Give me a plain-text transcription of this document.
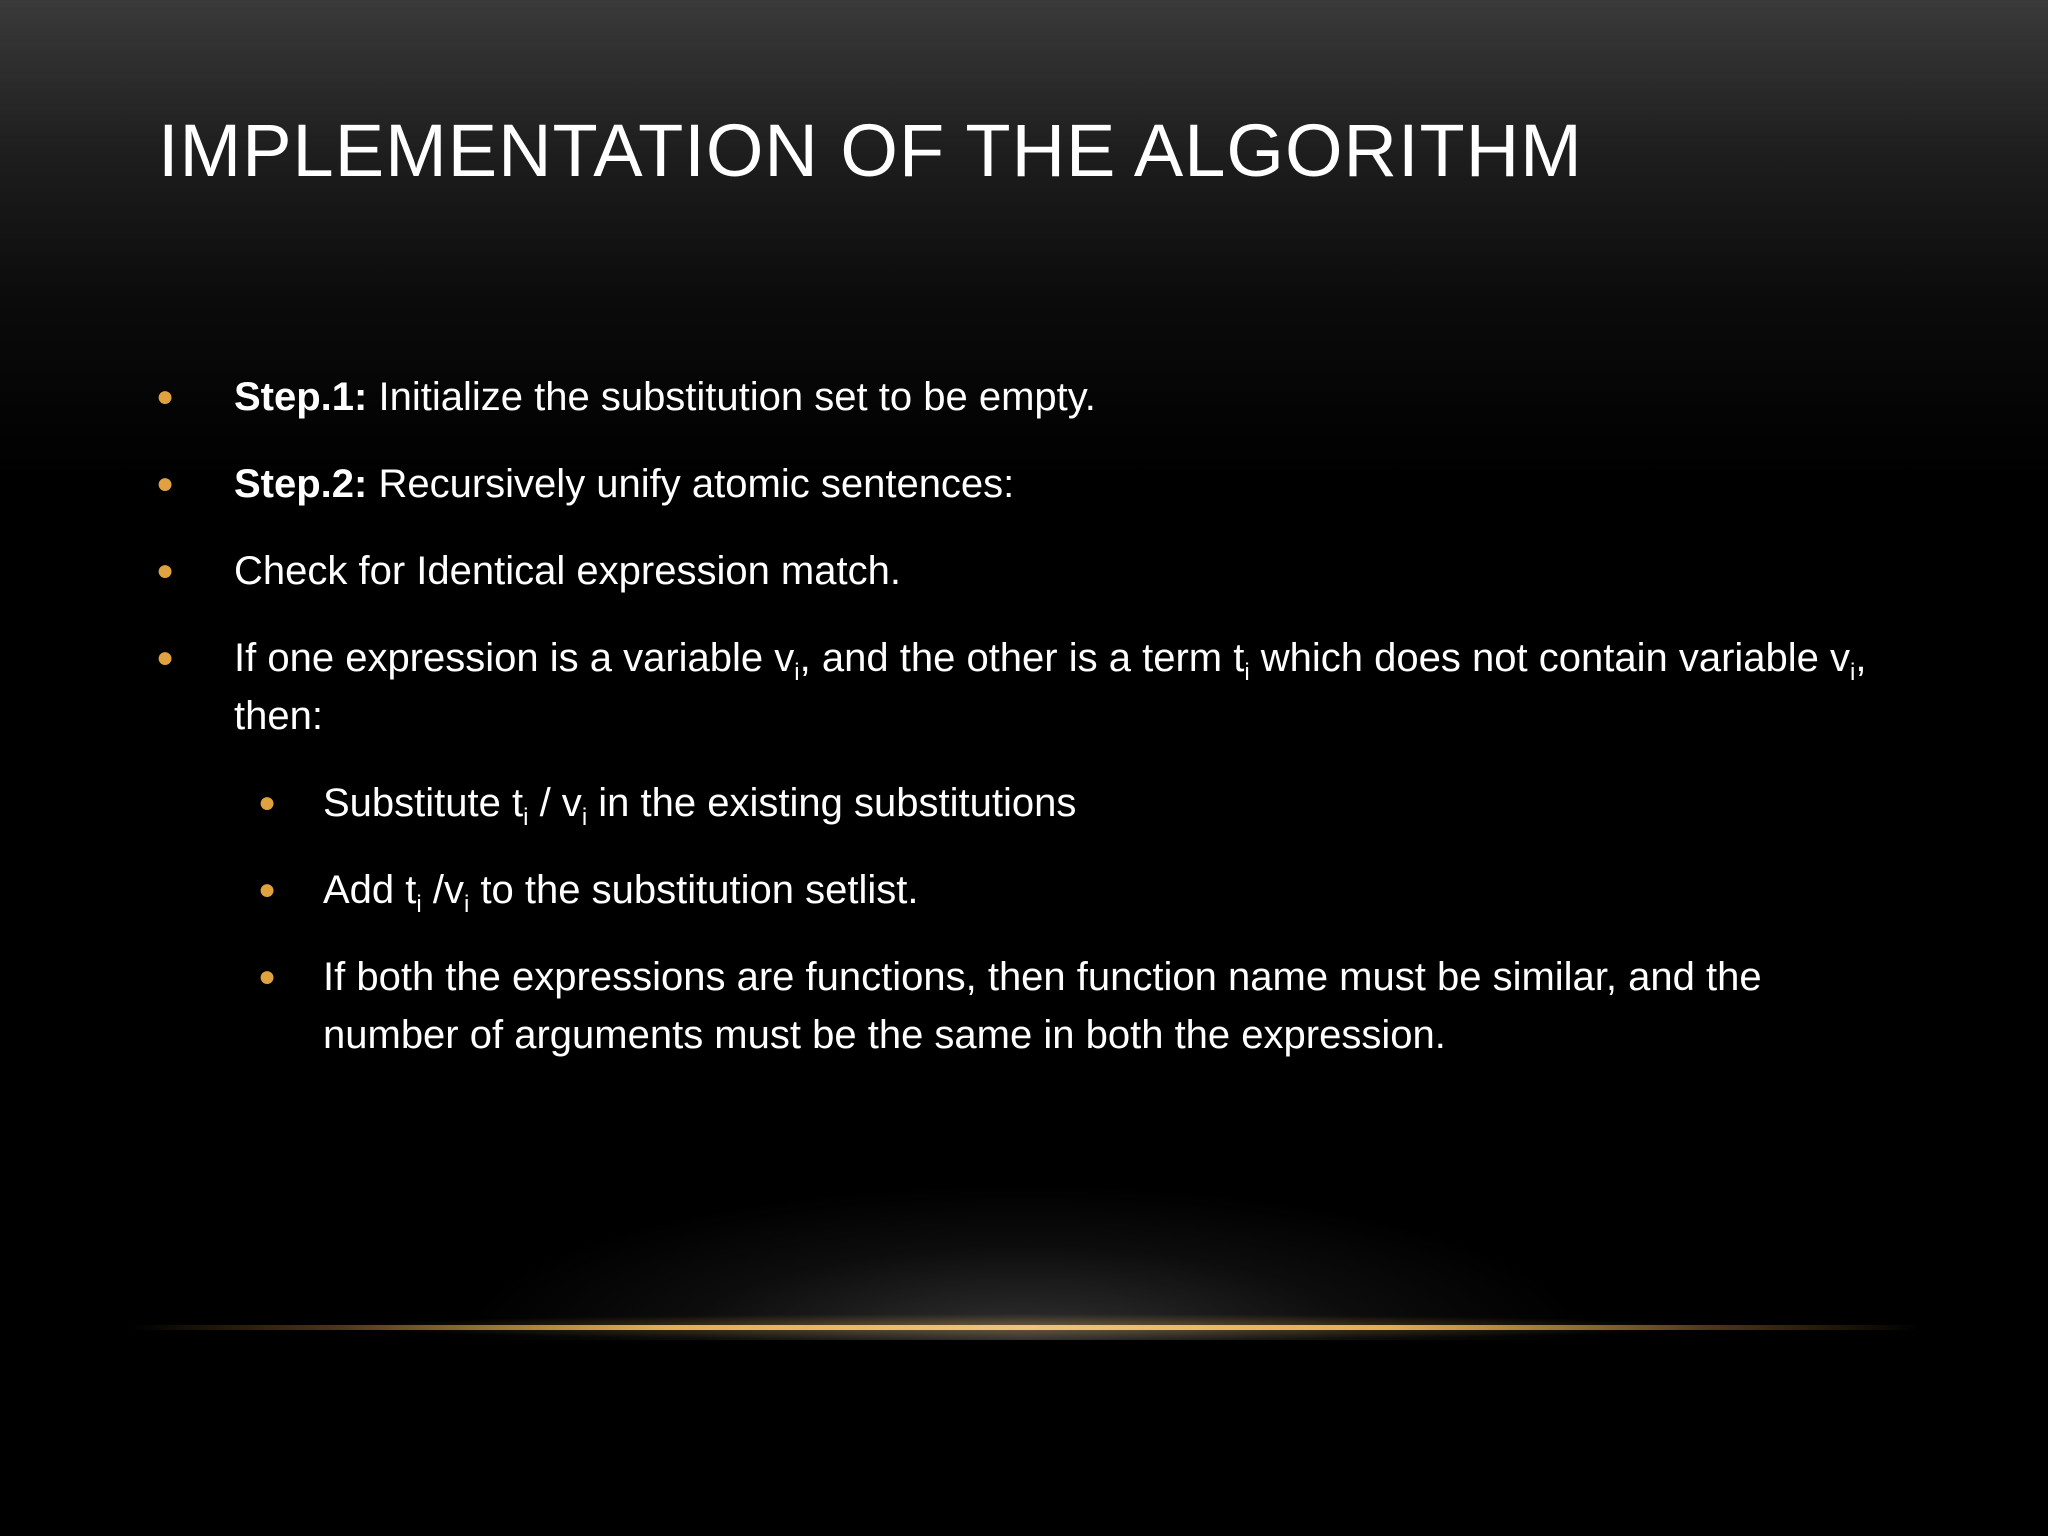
IMPLEMENTATION OF THE ALGORITHM
● Step.1: Initialize the substitution set to be empty.
● Step.2: Recursively unify atomic sentences:
● Check for Identical expression match.
● If one expression is a variable $v_i$, and the other is a term $t_i$ which does not contain variable $v_i$, then:
● Substitute $t_i / v_i$ in the existing substitutions
● Add $t_i$ $/v_i$ to the substitution setlist.
● If both the expressions are functions, then function name must be similar, and the number of arguments must be the same in both the expression.
